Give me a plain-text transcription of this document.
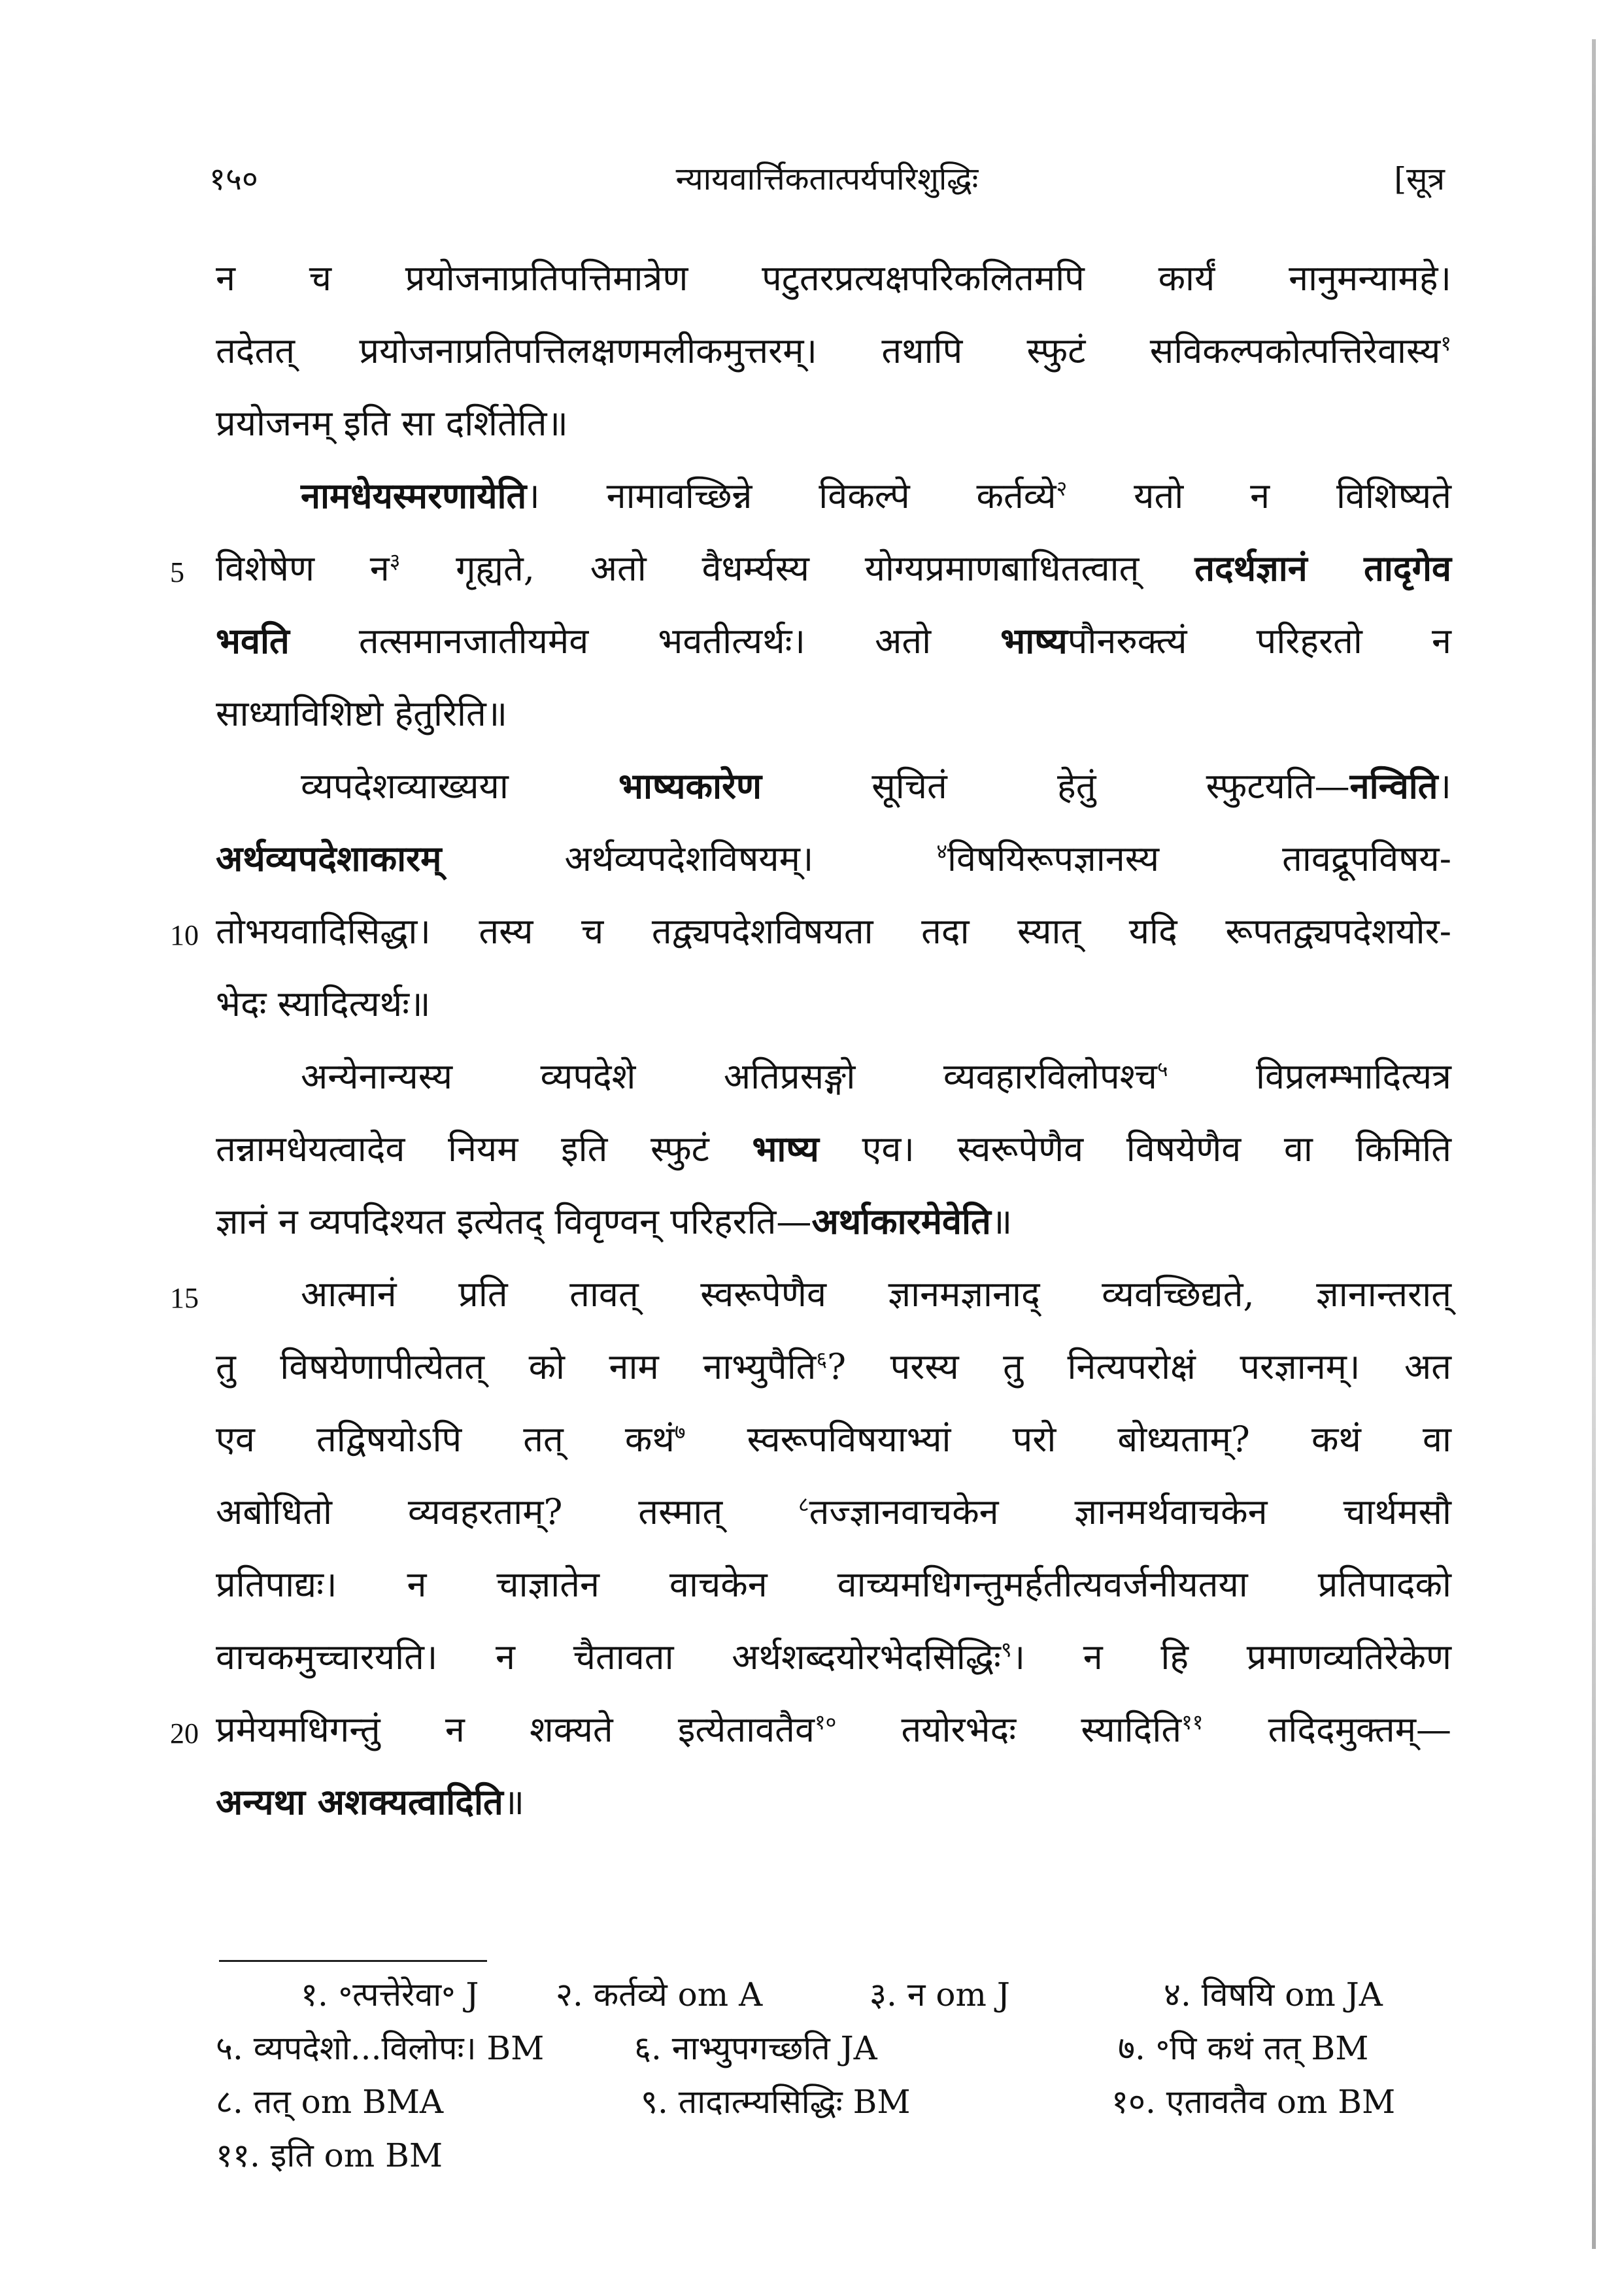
१५०	न्यायवार्त्तिकतात्पर्यपरिशुद्धिः	[सूत्र
न च प्रयोजनाप्रतिपत्तिमात्रेण पटुतरप्रत्यक्षपरिकलितमपि कार्यं नानुमन्यामहे।
तदेतत् प्रयोजनाप्रतिपत्तिलक्षणमलीकमुत्तरम्। तथापि स्फुटं सविकल्पकोत्पत्तिरेवास्य$^१$
प्रयोजनम् इति सा दर्शितेति॥
नामधेयस्मरणायेति। नामावच्छिन्ने विकल्पे कर्तव्ये$^२$ यतो न विशिष्यते
5 विशेषेण न$^३$ गृह्यते, अतो वैधर्म्यस्य योग्यप्रमाणबाधितत्वात् तदर्थज्ञानं तादृगेव
भवति तत्समानजातीयमेव भवतीत्यर्थः। अतो भाष्यपौनरुक्त्यं परिहरतो न
साध्याविशिष्टो हेतुरिति॥
व्यपदेशव्याख्यया भाष्यकारेण सूचितं हेतुं स्फुटयति—नन्विति।
अर्थव्यपदेशाकारम् अर्थव्यपदेशविषयम्। $^४$विषयिरूपज्ञानस्य तावद्रूपविषय-
10 तोभयवादिसिद्धा। तस्य च तद्व्यपदेशविषयता तदा स्यात् यदि रूपतद्व्यपदेशयोर-
भेदः स्यादित्यर्थः॥
अन्येनान्यस्य व्यपदेशे अतिप्रसङ्गो व्यवहारविलोपश्च$^५$ विप्रलम्भादित्यत्र
तन्नामधेयत्वादेव नियम इति स्फुटं भाष्य एव। स्वरूपेणैव विषयेणैव वा किमिति
ज्ञानं न व्यपदिश्यत इत्येतद् विवृण्वन् परिहरति—अर्थाकारमेवेति॥
15	आत्मानं प्रति तावत् स्वरूपेणैव ज्ञानमज्ञानाद् व्यवच्छिद्यते, ज्ञानान्तरात्
तु विषयेणापीत्येतत् को नाम नाभ्युपैति$^६$? परस्य तु नित्यपरोक्षं परज्ञानम्। अत
एव तद्विषयोऽपि तत् कथं$^७$ स्वरूपविषयाभ्यां परो बोध्यताम्? कथं वा
अबोधितो व्यवहरताम्? तस्मात् $^८$तज्ज्ञानवाचकेन ज्ञानमर्थवाचकेन चार्थमसौ
प्रतिपाद्यः। न चाज्ञातेन वाचकेन वाच्यमधिगन्तुमर्हतीत्यवर्जनीयतया प्रतिपादको
वाचकमुच्चारयति। न चैतावता अर्थशब्दयोरभेदसिद्धिः$^९$। न हि प्रमाणव्यतिरेकेण
20 प्रमेयमधिगन्तुं न शक्यते इत्येतावतैव$^{१०}$ तयोरभेदः स्यादिति$^{११}$ तदिदमुक्तम्—
अन्यथा अशक्यत्वादिति॥
१. ॰त्पत्तेरेवा॰ J २. कर्तव्ये om A	३. न om J	४. विषयि om JA
५. व्यपदेशो...विलोपः। BM	६. नाभ्युपगच्छति JA	७. ॰पि कथं तत् BM
८. तत् om BMA	९. तादात्म्यसिद्धिः BM	१०. एतावतैव om BM
११. इति om BM
